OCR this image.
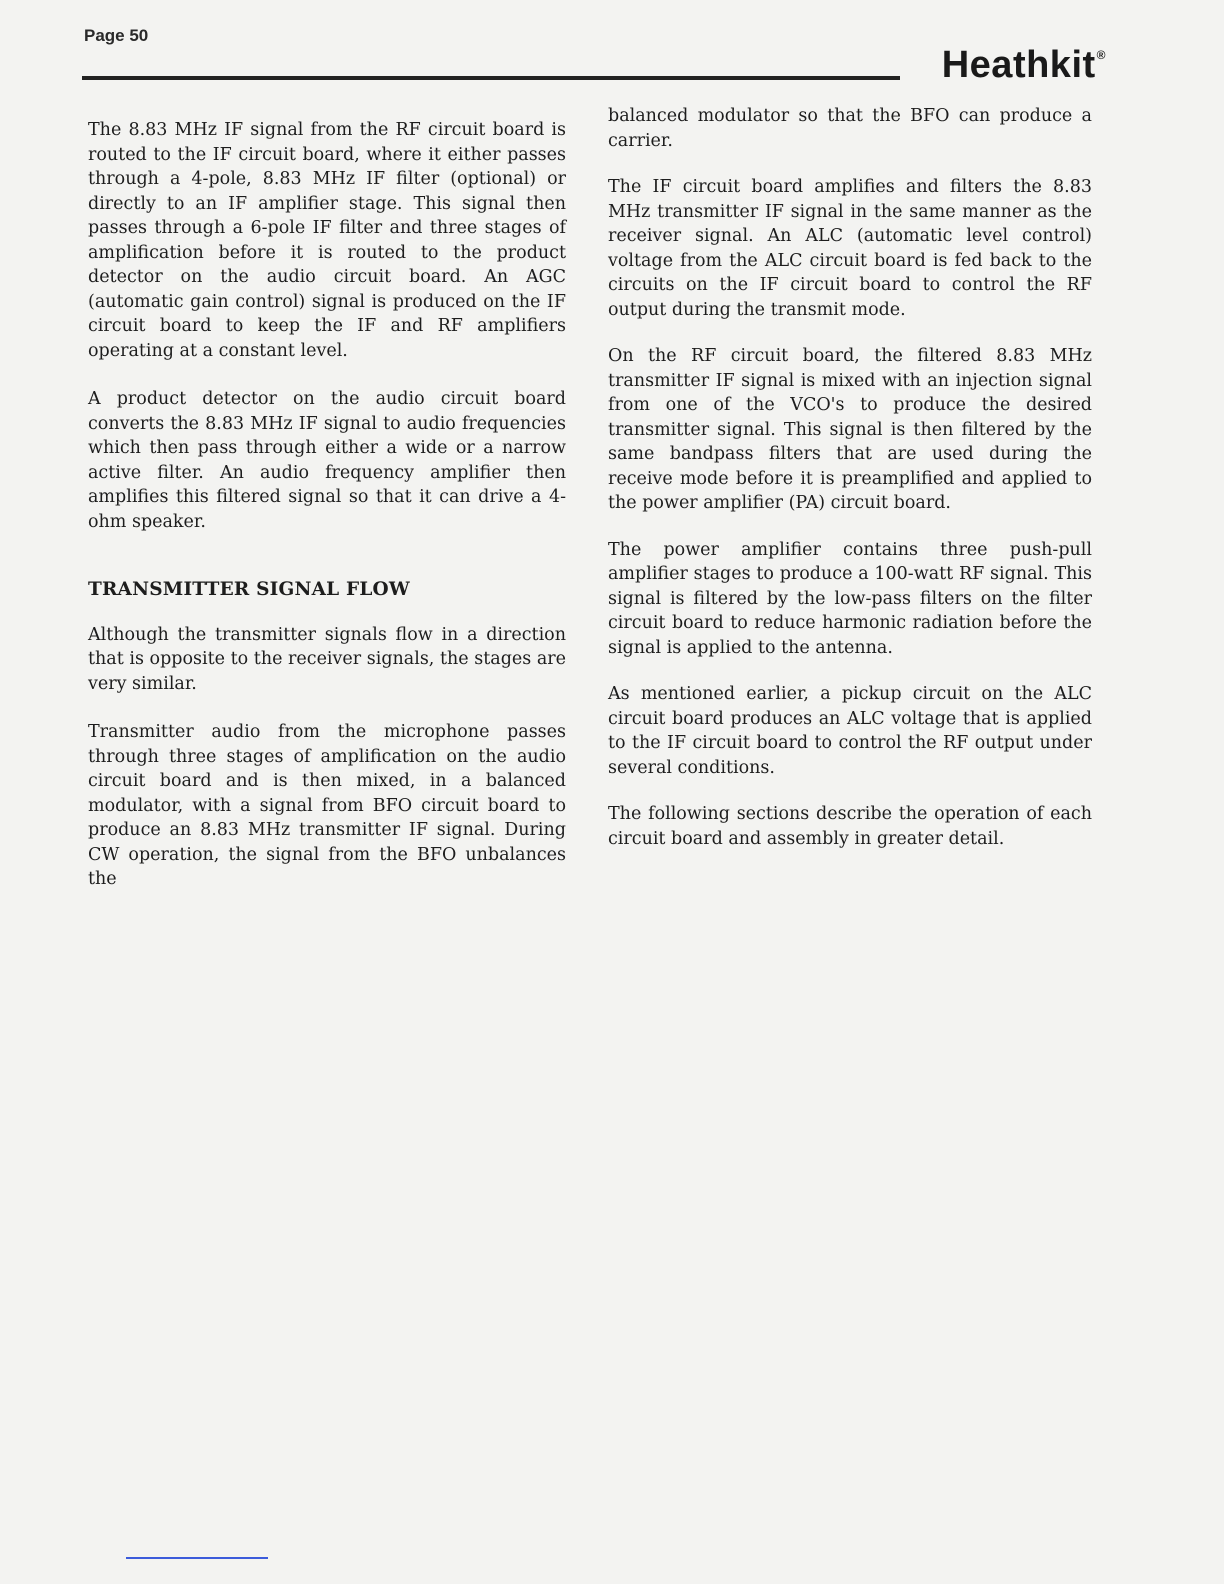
Page 50
Heathkit®

The 8.83 MHz IF signal from the RF circuit board is routed to the IF circuit board, where it either passes through a 4-pole, 8.83 MHz IF filter (optional) or directly to an IF amplifier stage. This signal then passes through a 6-pole IF filter and three stages of amplification before it is routed to the product detector on the audio circuit board. An AGC (automatic gain control) signal is produced on the IF circuit board to keep the IF and RF amplifiers operating at a constant level.

A product detector on the audio circuit board converts the 8.83 MHz IF signal to audio frequencies which then pass through either a wide or a narrow active filter. An audio frequency amplifier then amplifies this filtered signal so that it can drive a 4-ohm speaker.

TRANSMITTER SIGNAL FLOW

Although the transmitter signals flow in a direction that is opposite to the receiver signals, the stages are very similar.

Transmitter audio from the microphone passes through three stages of amplification on the audio circuit board and is then mixed, in a balanced modulator, with a signal from BFO circuit board to produce an 8.83 MHz transmitter IF signal. During CW operation, the signal from the BFO unbalances the

balanced modulator so that the BFO can produce a carrier.

The IF circuit board amplifies and filters the 8.83 MHz transmitter IF signal in the same manner as the receiver signal. An ALC (automatic level control) voltage from the ALC circuit board is fed back to the circuits on the IF circuit board to control the RF output during the transmit mode.

On the RF circuit board, the filtered 8.83 MHz transmitter IF signal is mixed with an injection signal from one of the VCO's to produce the desired transmitter signal. This signal is then filtered by the same bandpass filters that are used during the receive mode before it is preamplified and applied to the power amplifier (PA) circuit board.

The power amplifier contains three push-pull amplifier stages to produce a 100-watt RF signal. This signal is filtered by the low-pass filters on the filter circuit board to reduce harmonic radiation before the signal is applied to the antenna.

As mentioned earlier, a pickup circuit on the ALC circuit board produces an ALC voltage that is applied to the IF circuit board to control the RF output under several conditions.

The following sections describe the operation of each circuit board and assembly in greater detail.
